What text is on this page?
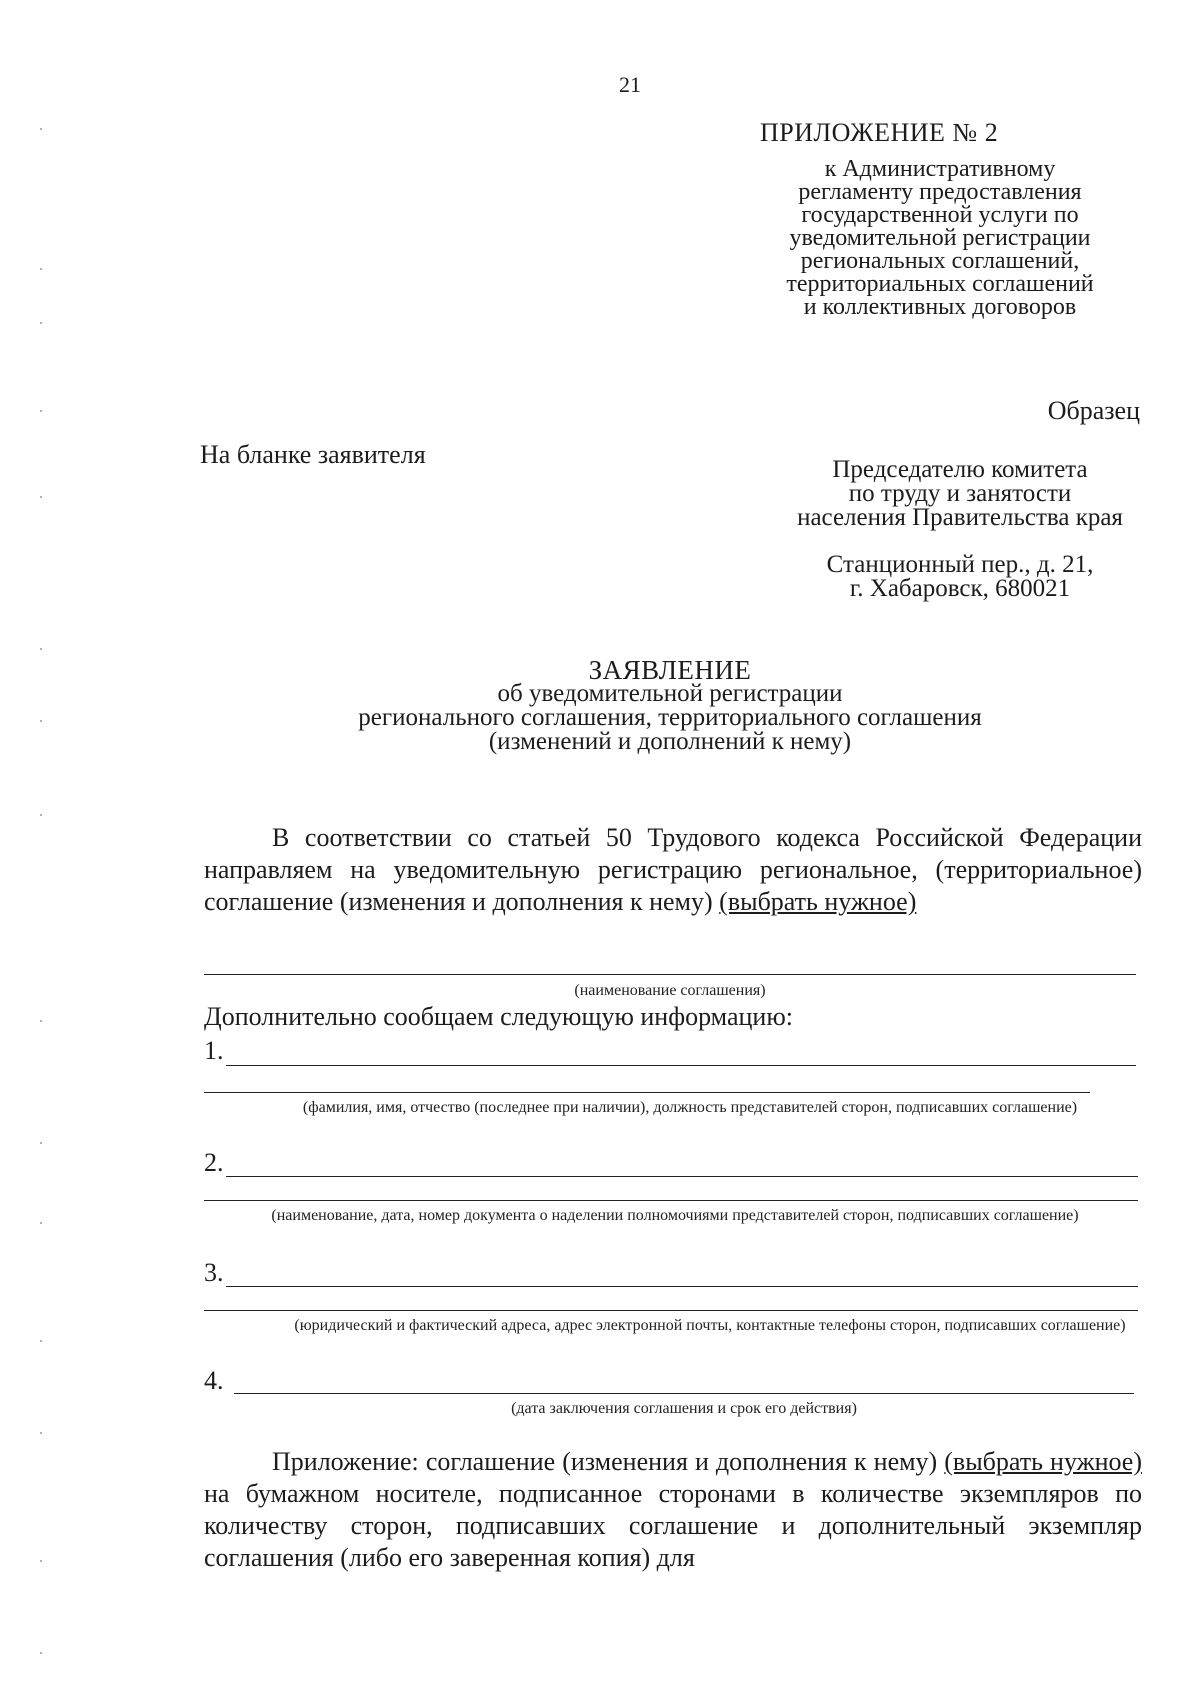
21
ПРИЛОЖЕНИЕ № 2
к Административному
регламенту предоставления
государственной услуги по
уведомительной регистрации
региональных соглашений,
территориальных соглашений
и коллективных договоров
Образец
На бланке заявителя
Председателю комитета
по труду и занятости
населения Правительства края
Станционный пер., д. 21,
г. Хабаровск, 680021
ЗАЯВЛЕНИЕ
об уведомительной регистрации
регионального соглашения, территориального соглашения
(изменений и дополнений к нему)
В соответствии со статьей 50 Трудового кодекса Российской Федерации направляем на уведомительную регистрацию региональное, (территориальное) соглашение (изменения и дополнения к нему) (выбрать нужное)
(наименование соглашения)
Дополнительно сообщаем следующую информацию:
1.
(фамилия, имя, отчество (последнее при наличии), должность представителей сторон, подписавших соглашение)
2.
(наименование, дата, номер документа о наделении полномочиями представителей сторон, подписавших соглашение)
3.
(юридический и фактический адреса, адрес электронной почты, контактные телефоны сторон, подписавших соглашение)
4.
(дата заключения соглашения и срок его действия)
Приложение: соглашение (изменения и дополнения к нему) (выбрать нужное) на бумажном носителе, подписанное сторонами в количестве экземпляров по количеству сторон, подписавших соглашение и дополнительный экземпляр соглашения (либо его заверенная копия) для
